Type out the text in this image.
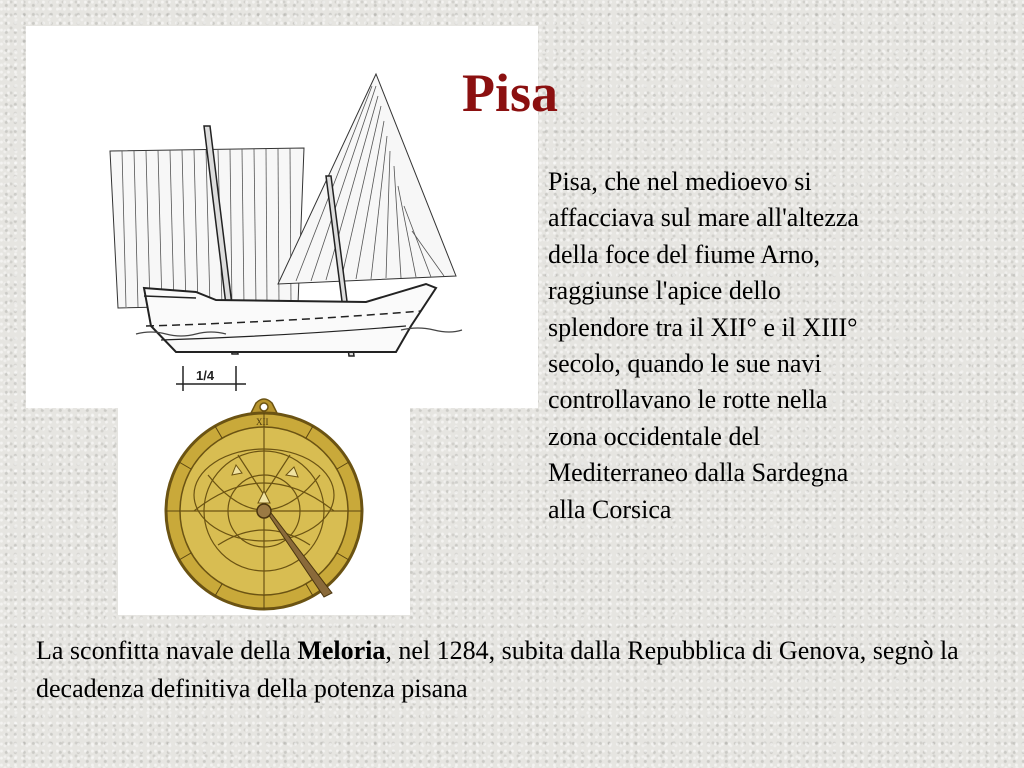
1/4
XII
Pisa

Pisa, che nel medioevo si
affacciava sul mare all'altezza
della foce del fiume Arno,
raggiunse l'apice dello
splendore tra il XII° e il XIII°
secolo, quando le sue navi
controllavano le rotte nella
zona occidentale del
Mediterraneo dalla Sardegna
alla Corsica

La sconfitta navale della Meloria, nel 1284, subita dalla Repubblica di Genova, segnò la decadenza definitiva della potenza pisana
